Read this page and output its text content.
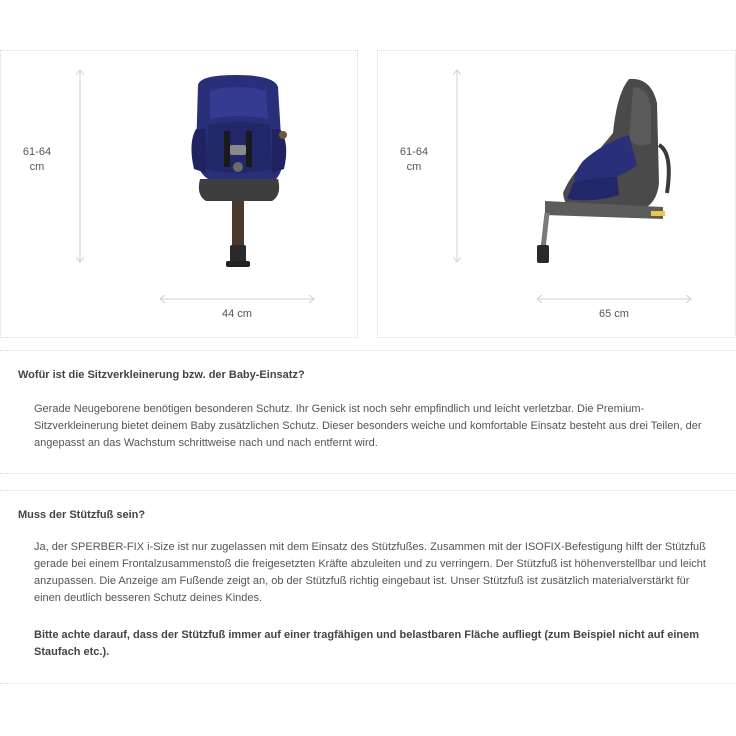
61-64
cm
44 cm
61-64
cm
65 cm
Wofür ist die Sitzverkleinerung bzw. der Baby-Einsatz?
Gerade Neugeborene benötigen besonderen Schutz. Ihr Genick ist noch sehr empfindlich und leicht verletzbar. Die Premium-Sitzverkleinerung bietet deinem Baby zusätzlichen Schutz. Dieser besonders weiche und komfortable Einsatz besteht aus drei Teilen, der angepasst an das Wachstum schrittweise nach und nach entfernt wird.
Muss der Stützfuß sein?
Ja, der SPERBER-FIX i-Size ist nur zugelassen mit dem Einsatz des Stützfußes. Zusammen mit der ISOFIX-Befestigung hilft der Stützfuß gerade bei einem Frontalzusammenstoß die freigesetzten Kräfte abzuleiten und zu verringern. Der Stützfuß ist höhenverstellbar und leicht anzupassen. Die Anzeige am Fußende zeigt an, ob der Stützfuß richtig eingebaut ist. Unser Stützfuß ist zusätzlich materialverstärkt für einen deutlich besseren Schutz deines Kindes.
Bitte achte darauf, dass der Stützfuß immer auf einer tragfähigen und belastbaren Fläche aufliegt (zum Beispiel nicht auf einem Staufach etc.).
